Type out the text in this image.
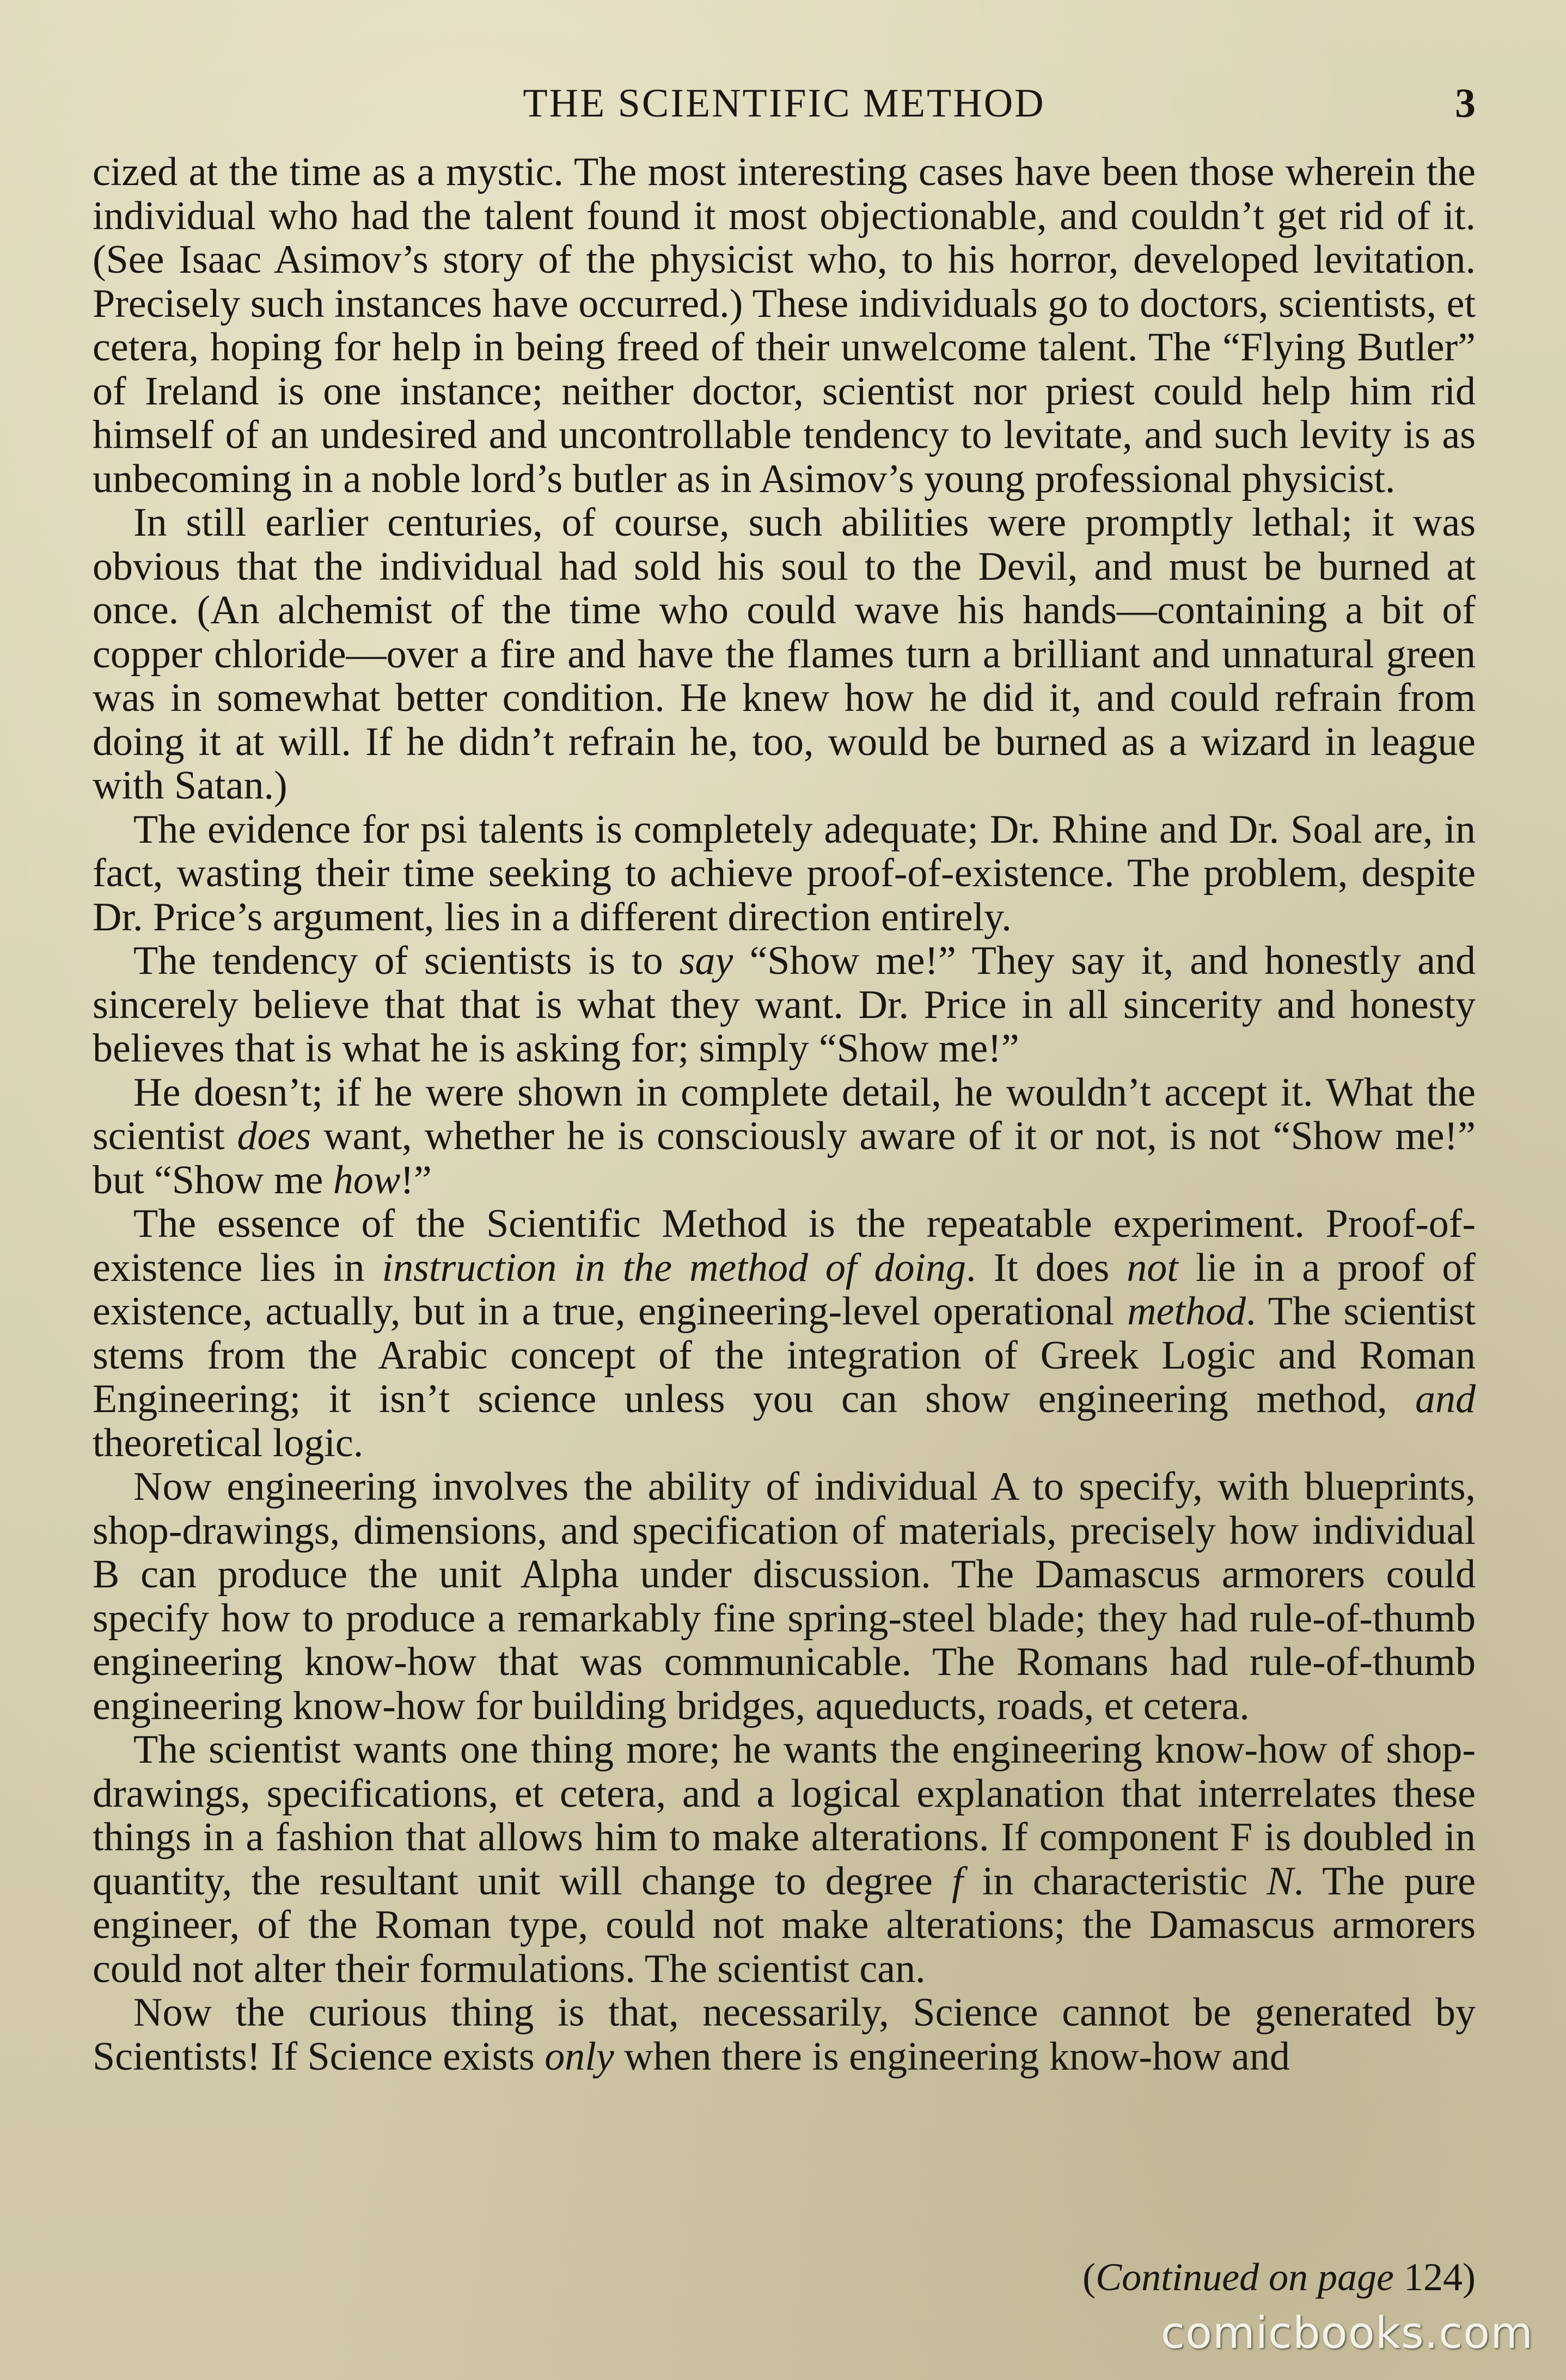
THE SCIENTIFIC METHOD	3

cized at the time as a mystic. The most interesting cases have been those wherein the individual who had the talent found it most objectionable, and couldn’t get rid of it. (See Isaac Asimov’s story of the physicist who, to his horror, developed levitation. Precisely such instances have occurred.) These individuals go to doctors, scientists, et cetera, hoping for help in being freed of their unwelcome talent. The “Flying Butler” of Ireland is one instance; neither doctor, scientist nor priest could help him rid himself of an undesired and uncontrollable tendency to levitate, and such levity is as unbecoming in a noble lord’s butler as in Asimov’s young professional physicist.

In still earlier centuries, of course, such abilities were promptly lethal; it was obvious that the individual had sold his soul to the Devil, and must be burned at once. (An alchemist of the time who could wave his hands—containing a bit of copper chloride—over a fire and have the flames turn a brilliant and unnatural green was in somewhat better condition. He knew how he did it, and could refrain from doing it at will. If he didn’t refrain he, too, would be burned as a wizard in league with Satan.)

The evidence for psi talents is completely adequate; Dr. Rhine and Dr. Soal are, in fact, wasting their time seeking to achieve proof-of-existence. The problem, despite Dr. Price’s argument, lies in a different direction entirely.

The tendency of scientists is to say “Show me!” They say it, and honestly and sincerely believe that that is what they want. Dr. Price in all sincerity and honesty believes that is what he is asking for; simply “Show me!”

He doesn’t; if he were shown in complete detail, he wouldn’t accept it. What the scientist does want, whether he is consciously aware of it or not, is not “Show me!” but “Show me how!”

The essence of the Scientific Method is the repeatable experiment. Proof-of-existence lies in instruction in the method of doing. It does not lie in a proof of existence, actually, but in a true, engineering-level operational method. The scientist stems from the Arabic concept of the integration of Greek Logic and Roman Engineering; it isn’t science unless you can show engineering method, and theoretical logic.

Now engineering involves the ability of individual A to specify, with blueprints, shop-drawings, dimensions, and specification of materials, precisely how individual B can produce the unit Alpha under discussion. The Damascus armorers could specify how to produce a remarkably fine spring-steel blade; they had rule-of-thumb engineering know-how that was communicable. The Romans had rule-of-thumb engineering know-how for building bridges, aqueducts, roads, et cetera.

The scientist wants one thing more; he wants the engineering know-how of shop-drawings, specifications, et cetera, and a logical explanation that interrelates these things in a fashion that allows him to make alterations. If component F is doubled in quantity, the resultant unit will change to degree f in characteristic N. The pure engineer, of the Roman type, could not make alterations; the Damascus armorers could not alter their formulations. The scientist can.

Now the curious thing is that, necessarily, Science cannot be generated by Scientists! If Science exists only when there is engineering know-how and

(Continued on page 124)
comicbooks.com
